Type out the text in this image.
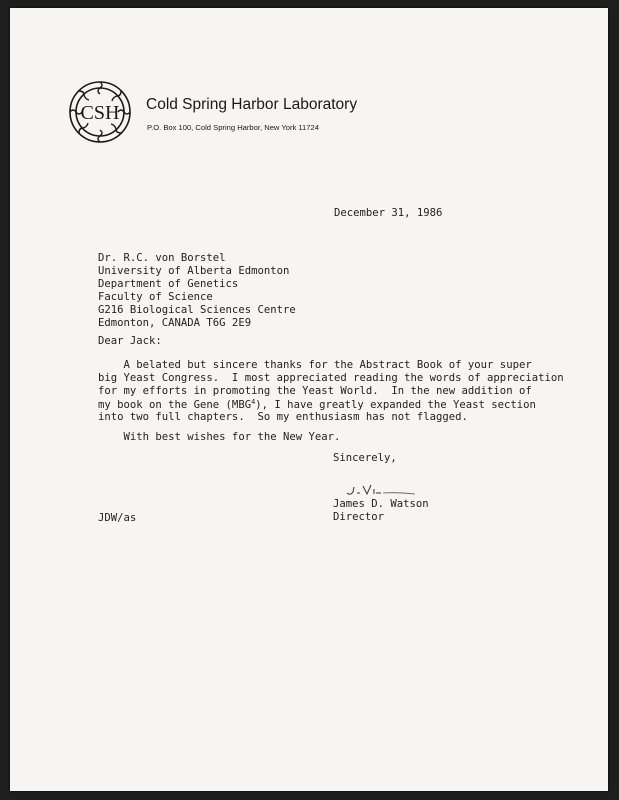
CSH Cold Spring Harbor Laboratory
P.O. Box 100, Cold Spring Harbor, New York 11724
December 31, 1986
Dr. R.C. von Borstel
University of Alberta Edmonton
Department of Genetics
Faculty of Science
G216 Biological Sciences Centre
Edmonton, CANADA T6G 2E9
Dear Jack:
A belated but sincere thanks for the Abstract Book of your super
big Yeast Congress.  I most appreciated reading the words of appreciation
for my efforts in promoting the Yeast World.  In the new addition of
my book on the Gene (MBG$^4$), I have greatly expanded the Yeast section
into two full chapters.  So my enthusiasm has not flagged.
With best wishes for the New Year.
Sincerely,
James D. Watson
Director
JDW/as
